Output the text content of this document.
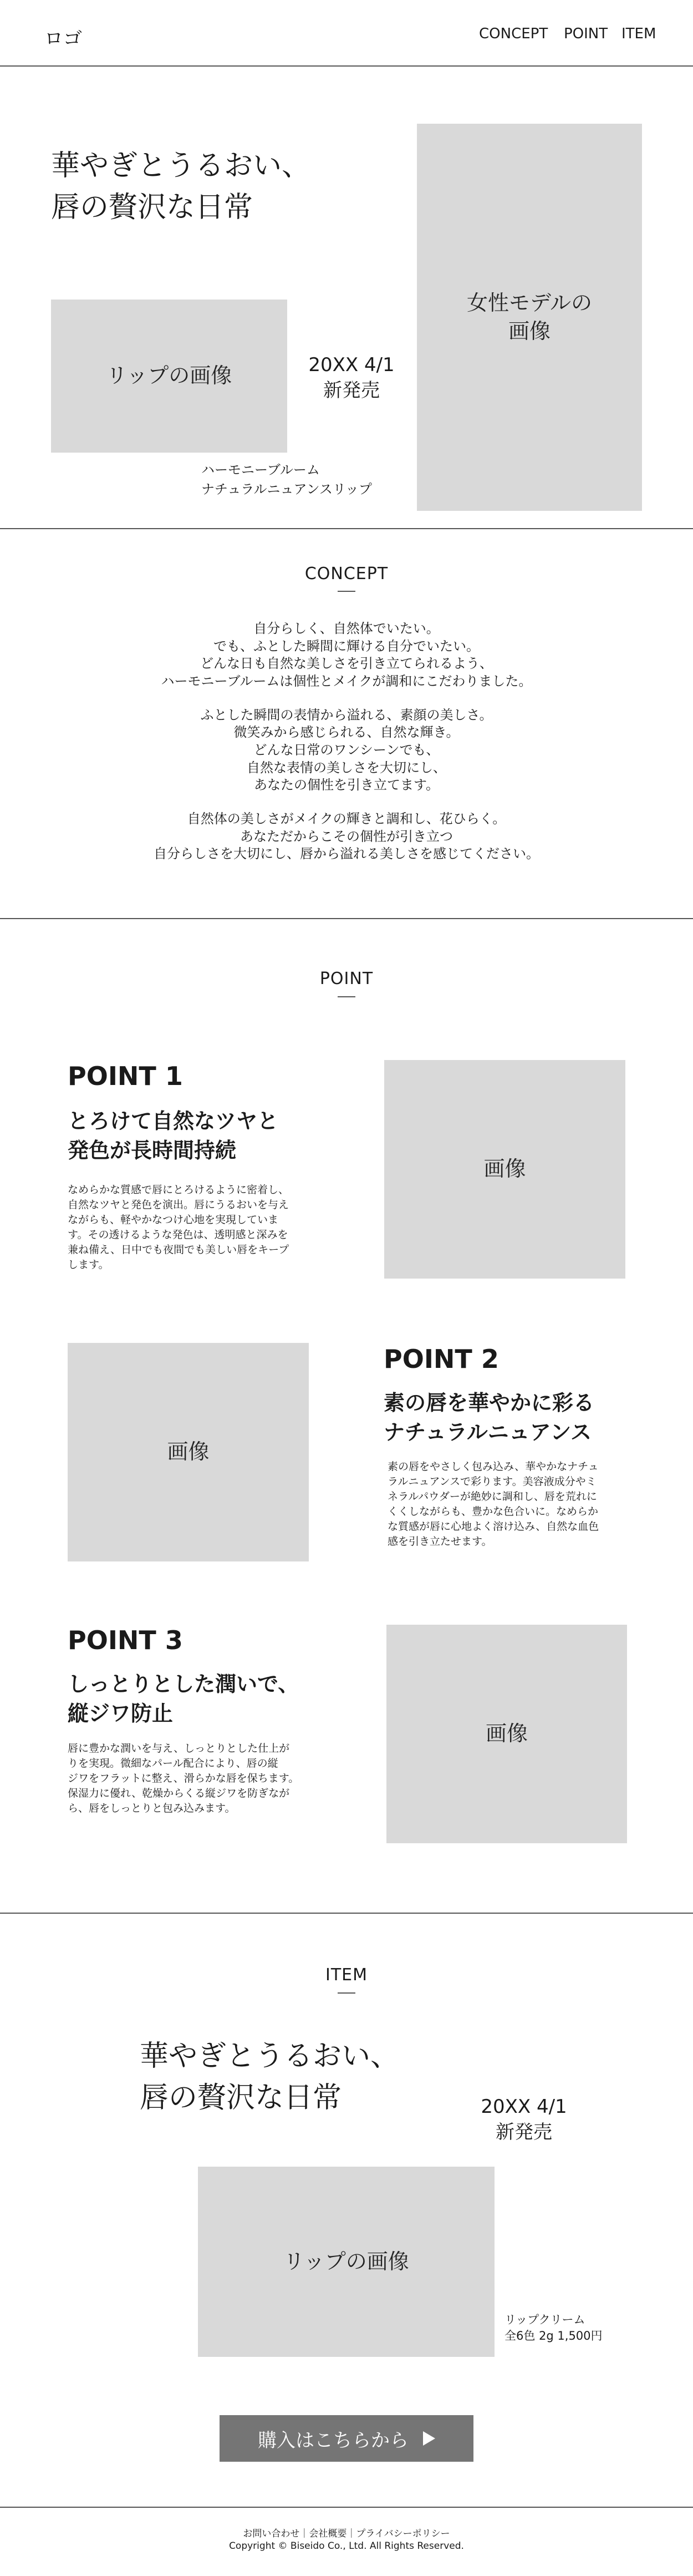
ロゴ	CONCEPT POINT ITEM
華やぎとうるおい、
唇の贅沢な日常
女性モデルの
画像
リップの画像	20XX 4/1
新発売
ハーモニーブルーム
ナチュラルニュアンスリップ
CONCEPT

自分らしく、自然体でいたい。
でも、ふとした瞬間に輝ける自分でいたい。
どんな日も自然な美しさを引き立てられるよう、
ハーモニーブルームは個性とメイクが調和にこだわりました。

ふとした瞬間の表情から溢れる、素顔の美しさ。
微笑みから感じられる、自然な輝き。
どんな日常のワンシーンでも、
自然な表情の美しさを大切にし、
あなたの個性を引き立てます。

自然体の美しさがメイクの輝きと調和し、花ひらく。
あなただからこその個性が引き立つ
自分らしさを大切にし、唇から溢れる美しさを感じてください。

POINT
POINT 1
とろけて自然なツヤと
発色が長時間持続
なめらかな質感で唇にとろけるように密着し、
自然なツヤと発色を演出。唇にうるおいを与え
ながらも、軽やかなつけ心地を実現していま
す。その透けるような発色は、透明感と深みを
兼ね備え、日中でも夜間でも美しい唇をキープ
します。
画像
画像
POINT 2
素の唇を華やかに彩る
ナチュラルニュアンス
素の唇をやさしく包み込み、華やかなナチュ
ラルニュアンスで彩ります。美容液成分やミ
ネラルパウダーが絶妙に調和し、唇を荒れに
くくしながらも、豊かな色合いに。なめらか
な質感が唇に心地よく溶け込み、自然な血色
感を引き立たせます。
POINT 3
しっとりとした潤いで、
縦ジワ防止
唇に豊かな潤いを与え、しっとりとした仕上が
りを実現。微細なパール配合により、唇の縦
ジワをフラットに整え、滑らかな唇を保ちます。
保湿力に優れ、乾燥からくる縦ジワを防ぎなが
ら、唇をしっとりと包み込みます。
画像
ITEM
華やぎとうるおい、
唇の贅沢な日常	20XX 4/1
新発売
リップの画像
リップクリーム
全6色 2g 1,500円
購入はこちらから
お問い合わせ｜会社概要｜プライバシーポリシー
Copyright © Biseido Co., Ltd. All Rights Reserved.
